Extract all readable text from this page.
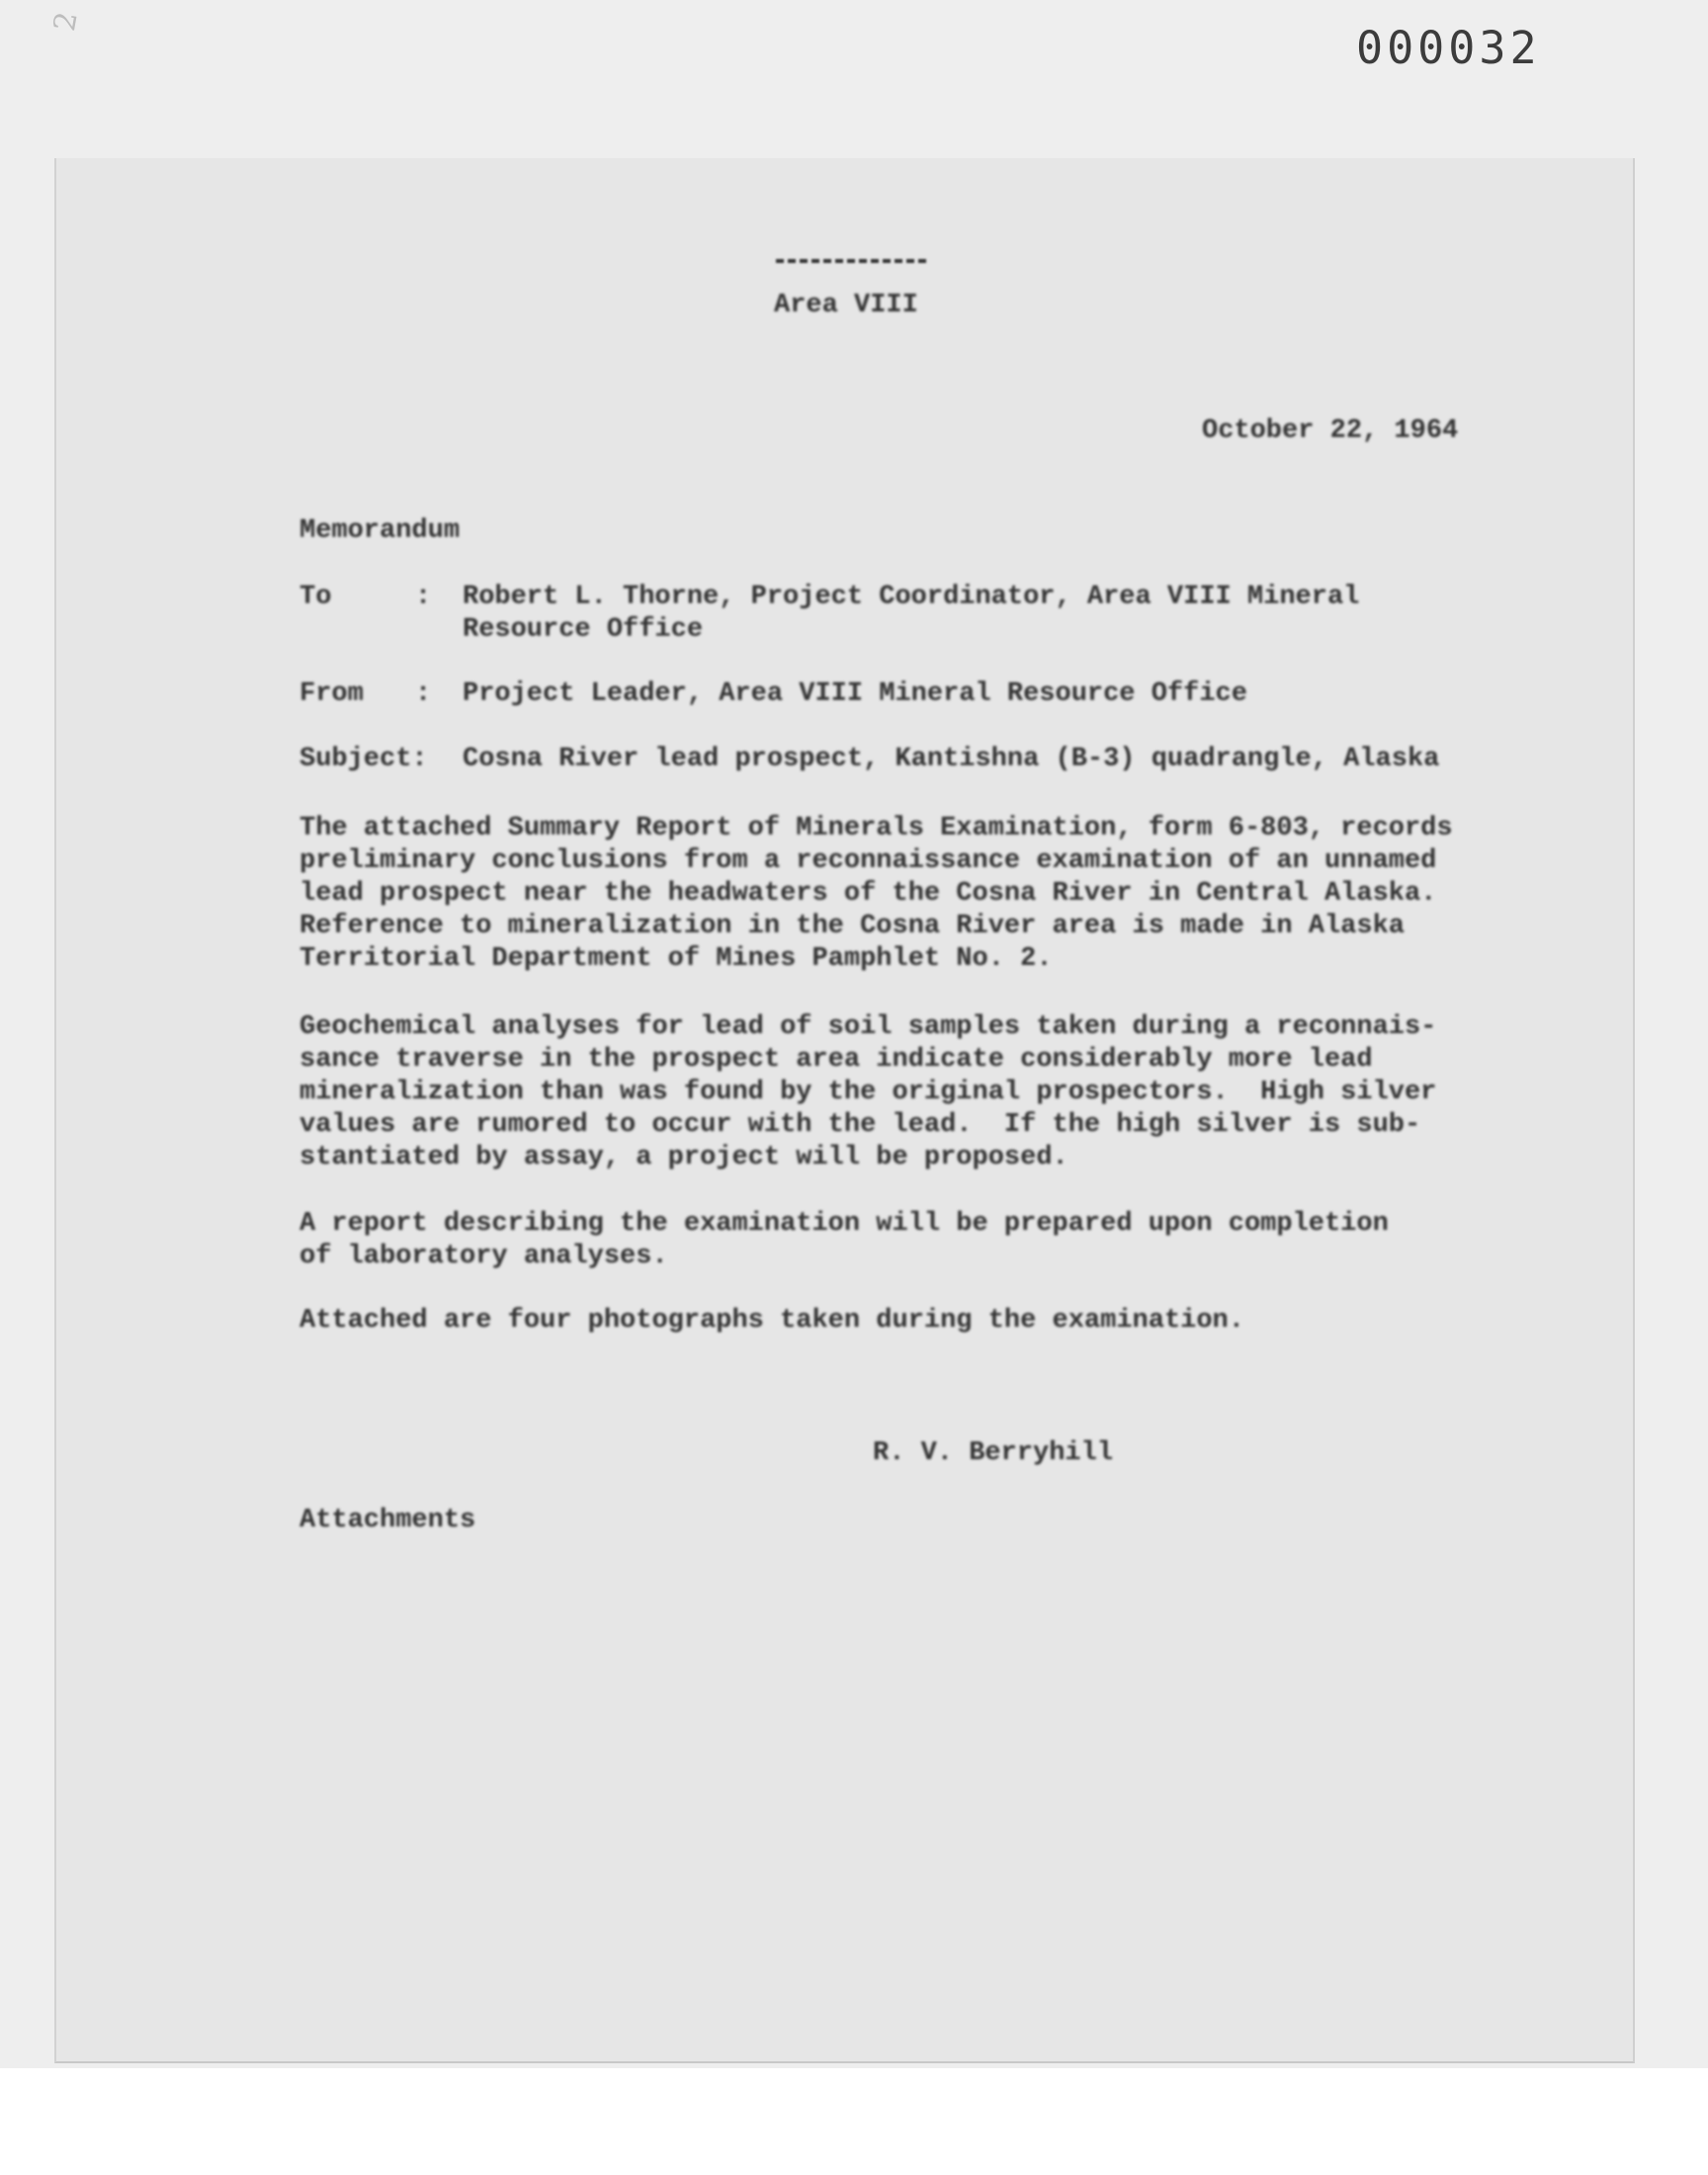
2
000032
Area VIII
October 22, 1964
Memorandum
To	: Robert L. Thorne, Project Coordinator, Area VIII Mineral
Resource Office
From : Project Leader, Area VIII Mineral Resource Office
Subject: Cosna River lead prospect, Kantishna (B-3) quadrangle, Alaska
The attached Summary Report of Minerals Examination, form 6-803, records
preliminary conclusions from a reconnaissance examination of an unnamed
lead prospect near the headwaters of the Cosna River in Central Alaska.
Reference to mineralization in the Cosna River area is made in Alaska
Territorial Department of Mines Pamphlet No. 2.
Geochemical analyses for lead of soil samples taken during a reconnais-
sance traverse in the prospect area indicate considerably more lead
mineralization than was found by the original prospectors.  High silver
values are rumored to occur with the lead.  If the high silver is sub-
stantiated by assay, a project will be proposed.
A report describing the examination will be prepared upon completion
of laboratory analyses.
Attached are four photographs taken during the examination.
R. V. Berryhill
Attachments
